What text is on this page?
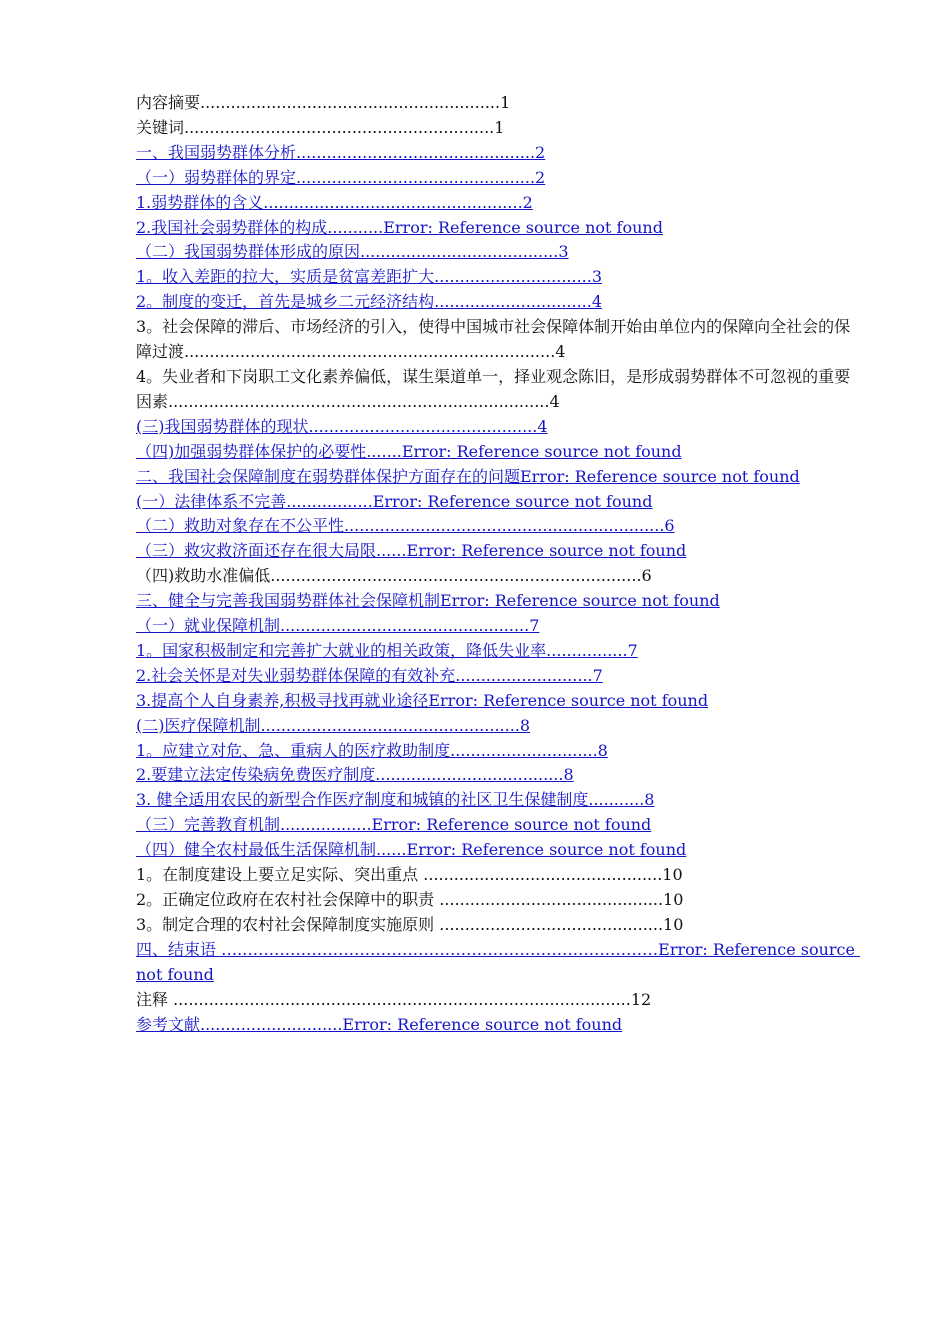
内容摘要...........................................................1
关键词.............................................................1
一、我国弱势群体分析...............................................2
（一）弱势群体的界定...............................................2
1.弱势群体的含义...................................................2
2.我国社会弱势群体的构成...........Error: Reference source not found
（二）我国弱势群体形成的原因.......................................3
1。收入差距的拉大，实质是贫富差距扩大...............................3
2。制度的变迁，首先是城乡二元经济结构...............................4
3。社会保障的滞后、市场经济的引入，使得中国城市社会保障体制开始由单位内的保障向全社会的保障过渡.........................................................................4
4。失业者和下岗职工文化素养偏低，谋生渠道单一，择业观念陈旧，是形成弱势群体不可忽视的重要因素...........................................................................4
(三)我国弱势群体的现状.............................................4
（四)加强弱势群体保护的必要性.......Error: Reference source not found
二、我国社会保障制度在弱势群体保护方面存在的问题Error: Reference source not found
(一）法律体系不完善.................Error: Reference source not found
（二）救助对象存在不公平性...............................................................6
（三）救灾救济面还存在很大局限......Error: Reference source not found
（四)救助水准偏低.........................................................................6
三、健全与完善我国弱势群体社会保障机制Error: Reference source not found
（一）就业保障机制.................................................7
1。国家积极制定和完善扩大就业的相关政策，降低失业率................7
2.社会关怀是对失业弱势群体保障的有效补充...........................7
3.提高个人自身素养,积极寻找再就业途径Error: Reference source not found
(二)医疗保障机制...................................................8
1。应建立对危、急、重病人的医疗救助制度.............................8
2.要建立法定传染病免费医疗制度.....................................8
3. 健全适用农民的新型合作医疗制度和城镇的社区卫生保健制度...........8
（三）完善教育机制..................Error: Reference source not found
（四）健全农村最低生活保障机制......Error: Reference source not found
1。在制度建设上要立足实际、突出重点 ...............................................10
2。正确定位政府在农村社会保障中的职责 ............................................10
3。制定合理的农村社会保障制度实施原则 ............................................10
四、结束语 ….……………………………………………………………………Error: Reference source not found
注释 ..........................................................................................12
参考文献............................Error: Reference source not found
